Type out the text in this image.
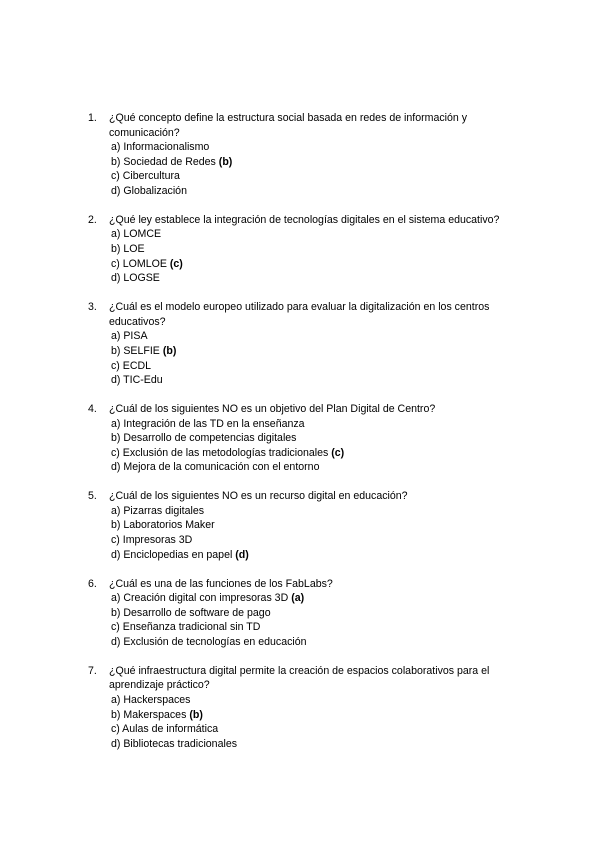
1. ¿Qué concepto define la estructura social basada en redes de información y comunicación?
a) Informacionalismo
b) Sociedad de Redes (b)
c) Cibercultura
d) Globalización
2. ¿Qué ley establece la integración de tecnologías digitales en el sistema educativo?
a) LOMCE
b) LOE
c) LOMLOE (c)
d) LOGSE
3. ¿Cuál es el modelo europeo utilizado para evaluar la digitalización en los centros educativos?
a) PISA
b) SELFIE (b)
c) ECDL
d) TIC-Edu
4. ¿Cuál de los siguientes NO es un objetivo del Plan Digital de Centro?
a) Integración de las TD en la enseñanza
b) Desarrollo de competencias digitales
c) Exclusión de las metodologías tradicionales (c)
d) Mejora de la comunicación con el entorno
5. ¿Cuál de los siguientes NO es un recurso digital en educación?
a) Pizarras digitales
b) Laboratorios Maker
c) Impresoras 3D
d) Enciclopedias en papel (d)
6. ¿Cuál es una de las funciones de los FabLabs?
a) Creación digital con impresoras 3D (a)
b) Desarrollo de software de pago
c) Enseñanza tradicional sin TD
d) Exclusión de tecnologías en educación
7. ¿Qué infraestructura digital permite la creación de espacios colaborativos para el aprendizaje práctico?
a) Hackerspaces
b) Makerspaces (b)
c) Aulas de informática
d) Bibliotecas tradicionales
